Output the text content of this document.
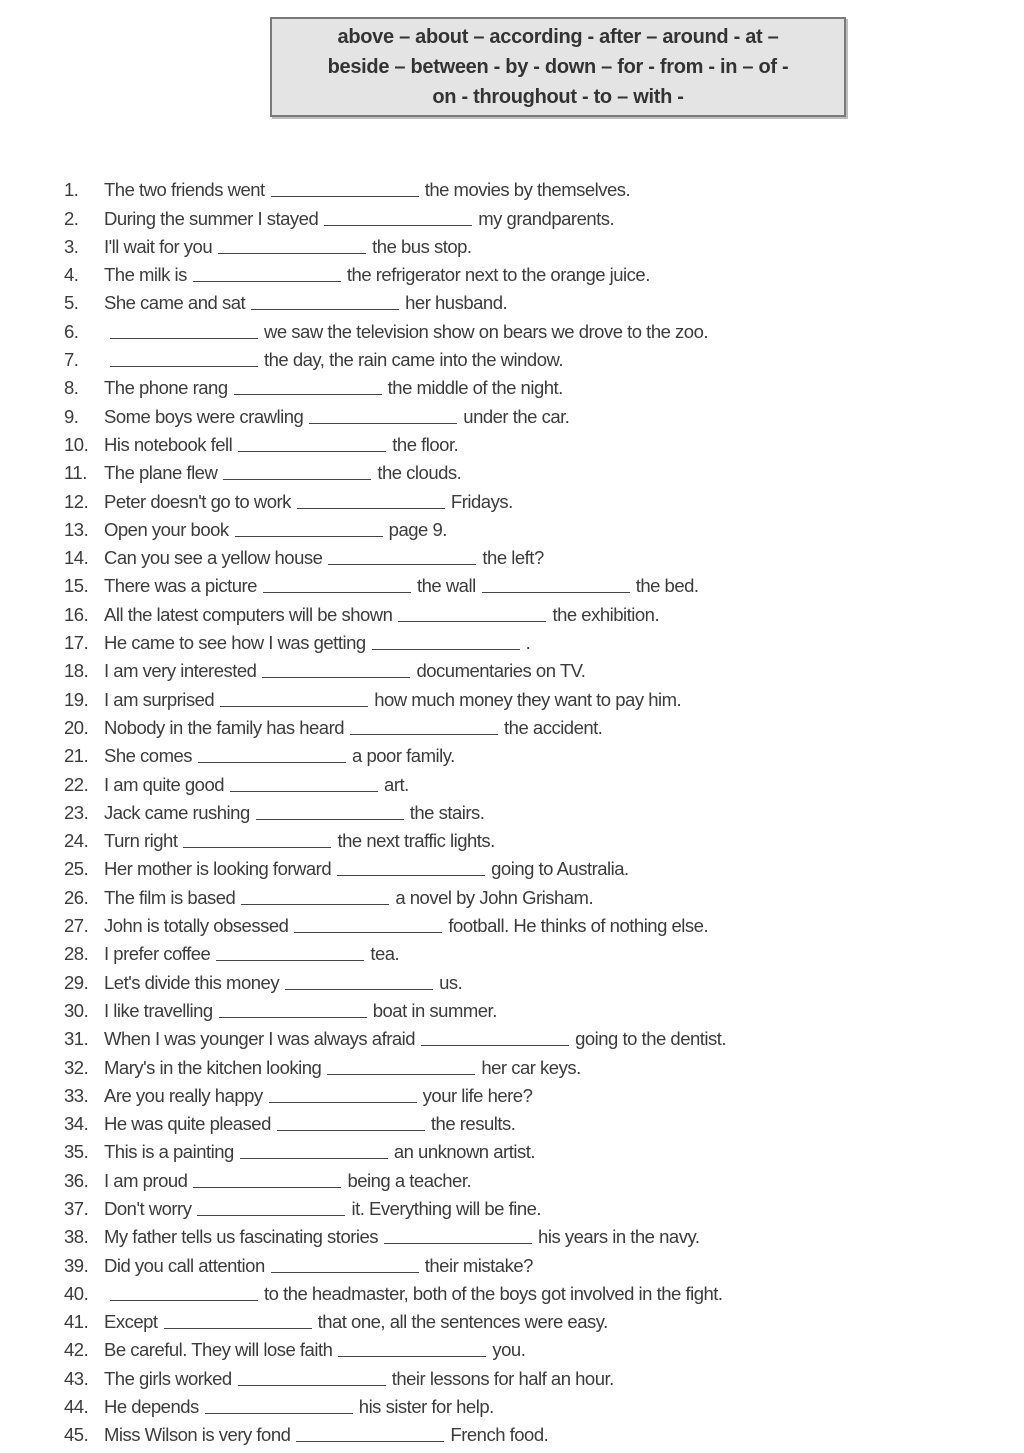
above – about – according - after – around - at –
beside – between - by - down – for - from - in – of -
on - throughout - to – with -
1.	The two friends went	the movies by themselves.
2.	During the summer I stayed	my grandparents.
3.	I'll wait for you	the bus stop.
4.	The milk is	the refrigerator next to the orange juice.
5.	She came and sat	her husband.
6.	we saw the television show on bears we drove to the zoo.
7.	the day, the rain came into the window.
8.	The phone rang	the middle of the night.
9.	Some boys were crawling	under the car.
10. His notebook fell	the floor.
11. The plane flew	the clouds.
12. Peter doesn't go to work	Fridays.
13. Open your book	page 9.
14. Can you see a yellow house	the left?
15. There was a picture	the wall	the bed.
16. All the latest computers will be shown	the exhibition.
17. He came to see how I was getting	.
18. I am very interested	documentaries on TV.
19. I am surprised	how much money they want to pay him.
20. Nobody in the family has heard	the accident.
21. She comes	a poor family.
22. I am quite good	art.
23. Jack came rushing	the stairs.
24. Turn right	the next traffic lights.
25. Her mother is looking forward	going to Australia.
26. The film is based	a novel by John Grisham.
27. John is totally obsessed	football. He thinks of nothing else.
28. I prefer coffee	tea.
29. Let's divide this money	us.
30. I like travelling	boat in summer.
31. When I was younger I was always afraid	going to the dentist.
32. Mary's in the kitchen looking	her car keys.
33. Are you really happy	your life here?
34. He was quite pleased	the results.
35. This is a painting	an unknown artist.
36. I am proud	being a teacher.
37. Don't worry	it. Everything will be fine.
38. My father tells us fascinating stories	his years in the navy.
39. Did you call attention	their mistake?
40.	to the headmaster, both of the boys got involved in the fight.
41. Except	that one, all the sentences were easy.
42. Be careful. They will lose faith	you.
43. The girls worked	their lessons for half an hour.
44. He depends	his sister for help.
45. Miss Wilson is very fond	French food.
